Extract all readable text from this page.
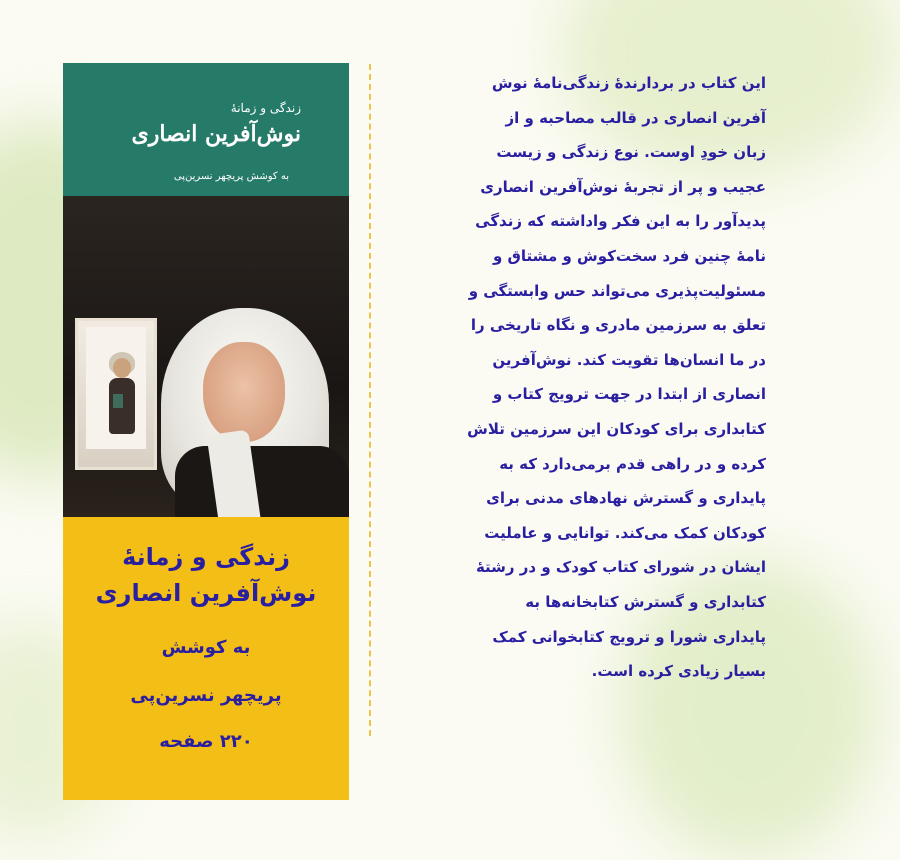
زندگی و زمانهٔ
نوش‌آفرین انصاری
به کوشش پریچهر نسرین‌پی
زندگی و زمانهٔ
نوش‌آفرین انصاری
به کوشش
پریچهر نسرین‌پی
۲۲۰ صفحه
این کتاب در بردارندهٔ زندگی‌نامهٔ نوش
آفرین انصاری در قالب مصاحبه و از
زبان خودِ اوست. نوع زندگی و زیست
عجیب و پر از تجربهٔ نوش‌آفرین انصاری
پدیدآور را به این فکر واداشته که زندگی
نامهٔ چنین فرد سخت‌کوش و مشتاق و
مسئولیت‌پذیری می‌تواند حس وابستگی و
تعلق به سرزمین مادری و نگاه تاریخی را
در ما انسان‌ها تقویت کند. نوش‌آفرین
انصاری از ابتدا در جهت ترویج کتاب و
کتابداری برای کودکان این سرزمین تلاش
کرده و در راهی قدم برمی‌دارد که به
پایداری و گسترش نهادهای مدنی برای
کودکان کمک می‌کند. توانایی و عاملیت
ایشان در شورای کتاب کودک و در رشتهٔ
کتابداری و گسترش کتابخانه‌ها به
پایداری شورا و ترویج کتابخوانی کمک
بسیار زیادی کرده است.
